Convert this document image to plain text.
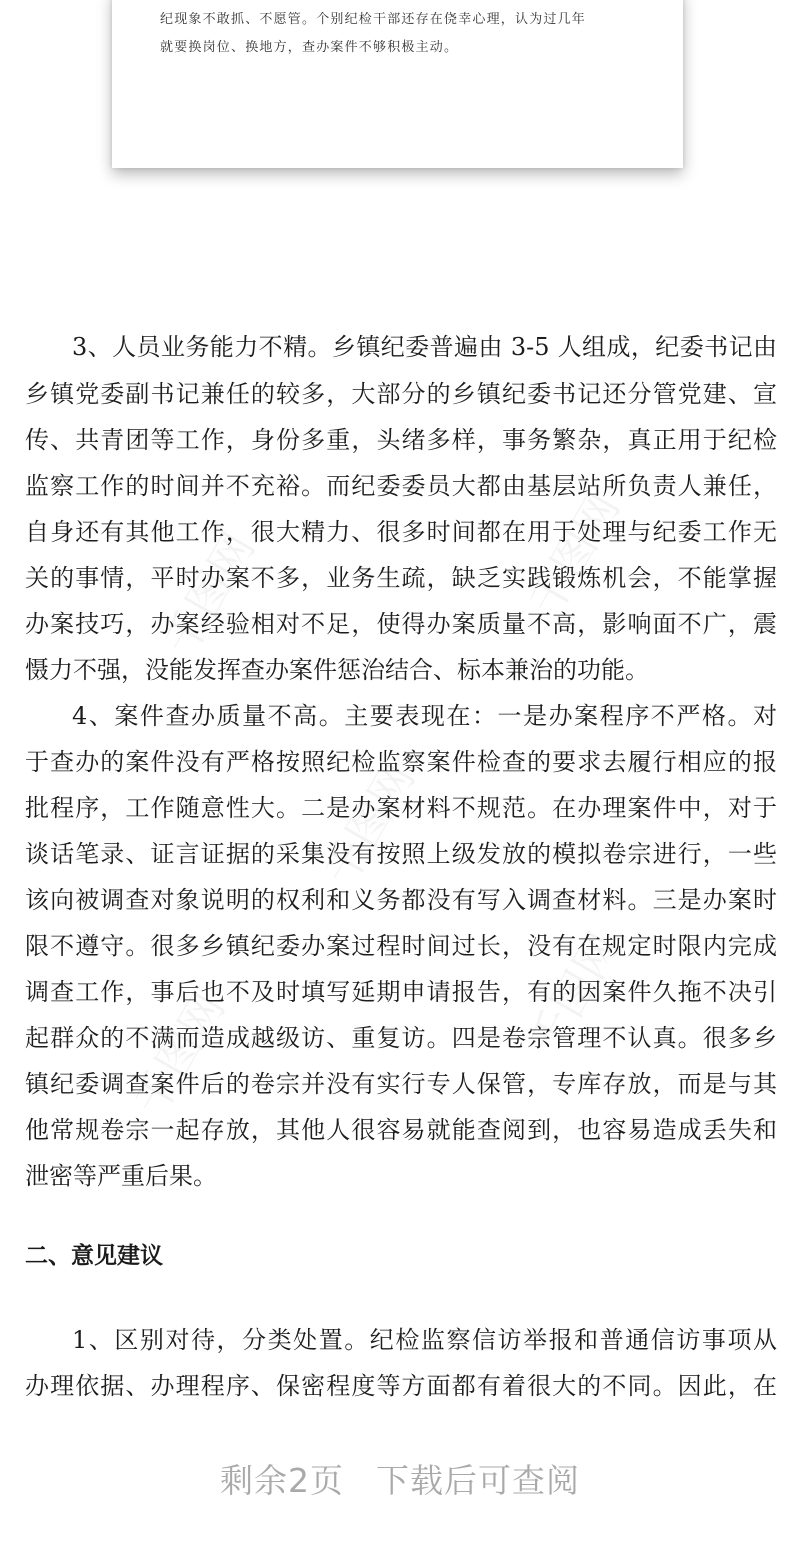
千图网	千图网
千图网
千图网	千图网
纪现象不敢抓、不愿管。个别纪检干部还存在侥幸心理，认为过几年
就要换岗位、换地方，查办案件不够积极主动。
3、人员业务能力不精。乡镇纪委普遍由 3-5 人组成，纪委书记由
乡镇党委副书记兼任的较多，大部分的乡镇纪委书记还分管党建、宣
传、共青团等工作，身份多重，头绪多样，事务繁杂，真正用于纪检
监察工作的时间并不充裕。而纪委委员大都由基层站所负责人兼任，
自身还有其他工作，很大精力、很多时间都在用于处理与纪委工作无
关的事情，平时办案不多，业务生疏，缺乏实践锻炼机会，不能掌握
办案技巧，办案经验相对不足，使得办案质量不高，影响面不广，震
慑力不强，没能发挥查办案件惩治结合、标本兼治的功能。
4、案件查办质量不高。主要表现在：一是办案程序不严格。对
于查办的案件没有严格按照纪检监察案件检查的要求去履行相应的报
批程序，工作随意性大。二是办案材料不规范。在办理案件中，对于
谈话笔录、证言证据的采集没有按照上级发放的模拟卷宗进行，一些
该向被调查对象说明的权利和义务都没有写入调查材料。三是办案时
限不遵守。很多乡镇纪委办案过程时间过长，没有在规定时限内完成
调查工作，事后也不及时填写延期申请报告，有的因案件久拖不决引
起群众的不满而造成越级访、重复访。四是卷宗管理不认真。很多乡
镇纪委调查案件后的卷宗并没有实行专人保管，专库存放，而是与其
他常规卷宗一起存放，其他人很容易就能查阅到，也容易造成丢失和
泄密等严重后果。
二、意见建议
1、区别对待，分类处置。纪检监察信访举报和普通信访事项从
办理依据、办理程序、保密程度等方面都有着很大的不同。因此，在
剩余2页 下载后可查阅
